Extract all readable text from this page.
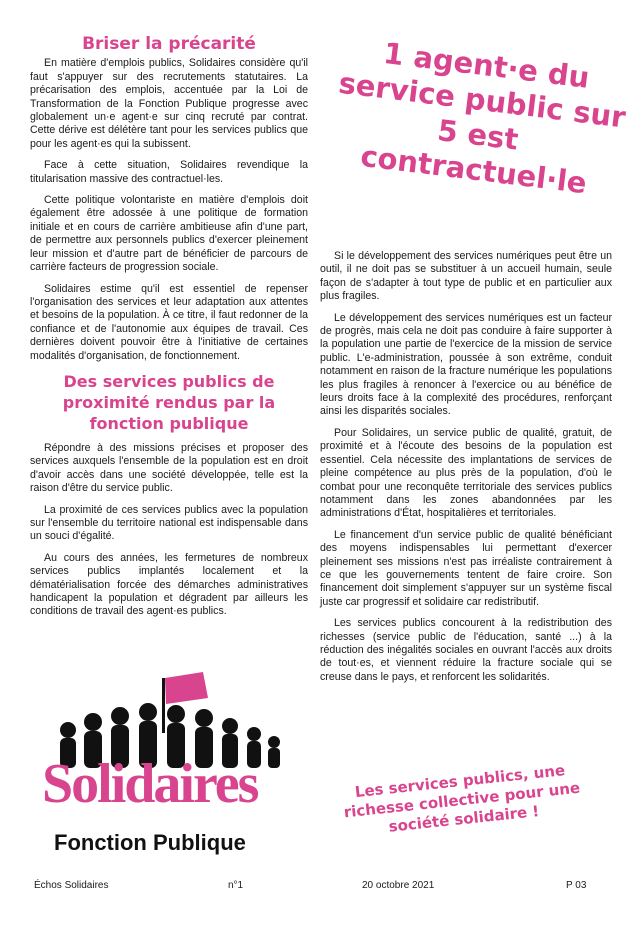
Briser la précarité

En matière d'emplois publics, Solidaires considère qu'il faut s'appuyer sur des recrutements statutaires. La précarisation des emplois, accentuée par la Loi de Transformation de la Fonction Publique progresse avec globalement un·e agent·e sur cinq recruté par contrat. Cette dérive est délétère tant pour les services publics que pour les agent·es qui la subissent.

Face à cette situation, Solidaires revendique la titularisation massive des contractuel·les.

Cette politique volontariste en matière d'emplois doit également être adossée à une politique de formation initiale et en cours de carrière ambitieuse afin d'une part, de permettre aux personnels publics d'exercer pleinement leur mission et d'autre part de bénéficier de parcours de carrière facteurs de progression sociale.

Solidaires estime qu'il est essentiel de repenser l'organisation des services et leur adaptation aux attentes et besoins de la population. À ce titre, il faut redonner de la confiance et de l'autonomie aux équipes de travail. Ces dernières doivent pouvoir être à l'initiative de certaines modalités d'organisation, de fonctionnement.

Des services publics de proximité rendus par la fonction publique

Répondre à des missions précises et proposer des services auxquels l'ensemble de la population est en droit d'avoir accès dans une société développée, telle est la raison d'être du service public.

La proximité de ces services publics avec la population sur l'ensemble du territoire national est indispensable dans un souci d'égalité.

Au cours des années, les fermetures de nombreux services publics implantés localement et la dématérialisation forcée des démarches administratives handicapent la population et dégradent par ailleurs les conditions de travail des agent·es publics.

1 agent·e du service public sur 5 est contractuel·le

Si le développement des services numériques peut être un outil, il ne doit pas se substituer à un accueil humain, seule façon de s'adapter à tout type de public et en particulier aux plus fragiles.

Le développement des services numériques est un facteur de progrès, mais cela ne doit pas conduire à faire supporter à la population une partie de l'exercice de la mission de service public. L'e-administration, poussée à son extrême, conduit notamment en raison de la fracture numérique les populations les plus fragiles à renoncer à l'exercice ou au bénéfice de leurs droits face à la complexité des procédures, renforçant ainsi les disparités sociales.

Pour Solidaires, un service public de qualité, gratuit, de proximité et à l'écoute des besoins de la population est essentiel. Cela nécessite des implantations de services de pleine compétence au plus près de la population, d'où le combat pour une reconquête territoriale des services publics notamment dans les zones abandonnées par les administrations d'État, hospitalières et territoriales.

Le financement d'un service public de qualité bénéficiant des moyens indispensables lui permettant d'exercer pleinement ses missions n'est pas irréaliste contrairement à ce que les gouvernements tentent de faire croire. Son financement doit simplement s'appuyer sur un système fiscal juste car progressif et solidaire car redistributif.

Les services publics concourent à la redistribution des richesses (service public de l'éducation, santé ...) à la réduction des inégalités sociales en ouvrant l'accès aux droits de tout·es, et viennent réduire la fracture sociale qui se creuse dans le pays, et renforcent les solidarités.

Les services publics, une richesse collective pour une société solidaire !
Solidaires
Fonction Publique
Échos Solidaires	n°1	20 octobre 2021	P 03
